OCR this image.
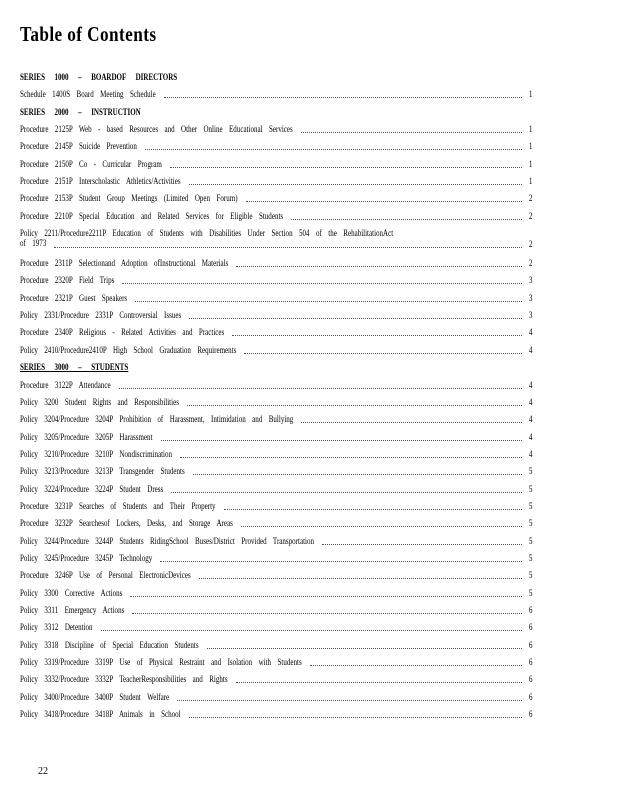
Table of Contents
SERIES 1000 – BOARDOF DIRECTORS
Schedule 1400S Board Meeting Schedule	1
SERIES 2000 – INSTRUCTION
Procedure 2125P Web - based Resources and Other Online Educational Services	1
Procedure 2145P Suicide Prevention	1
Procedure 2150P Co - Curricular Program	1
Procedure 2151P Interscholastic Athletics/Activities	1
Procedure 2153P Student Group Meetings (Limited Open Forum)	2
Procedure 2210P Special Education and Related Services for Eligible Students	2
Policy 2211/Procedure2211P Education of Students with Disabilities Under Section 504 of the RehabilitationAct
of 1973	2
Procedure 2311P Selectionand Adoption ofInstructional Materials	2
Procedure 2320P Field Trips	3
Procedure 2321P Guest Speakers	3
Policy 2331/Procedure 2331P Controversial Issues	3
Procedure 2340P Religious - Related Activities and Practices	4
Policy 2410/Procedure2410P High School Graduation Requirements	4
SERIES 3000 – STUDENTS
Procedure 3122P Attendance	4
Policy 3200 Student Rights and Responsibilities	4
Policy 3204/Procedure 3204P Prohibition of Harassment, Intimidation and Bullying	4
Policy 3205/Procedure 3205P Harassment	4
Policy 3210/Procedure 3210P Nondiscrimination	4
Policy 3213/Procedure 3213P Transgender Students	5
Policy 3224/Procedure 3224P Student Dress	5
Procedure 3231P Searches of Students and Their Property	5
Procedure 3232P Searchesof Lockers, Desks, and Storage Areas	5
Policy 3244/Procedure 3244P Students RidingSchool Buses/District Provided Transportation	5
Policy 3245/Procedure 3245P Technology	5
Procedure 3246P Use of Personal ElectronicDevices	5
Policy 3300 Corrective Actions	5
Policy 3311 Emergency Actions	6
Policy 3312 Detention	6
Policy 3318 Discipline of Special Education Students	6
Policy 3319/Procedure 3319P Use of Physical Restraint and Isolation with Students	6
Policy 3332/Procedure 3332P TeacherResponsibilities and Rights	6
Policy 3400/Procedure 3400P Student Welfare	6
Policy 3418/Procedure 3418P Animals in School	6
22
